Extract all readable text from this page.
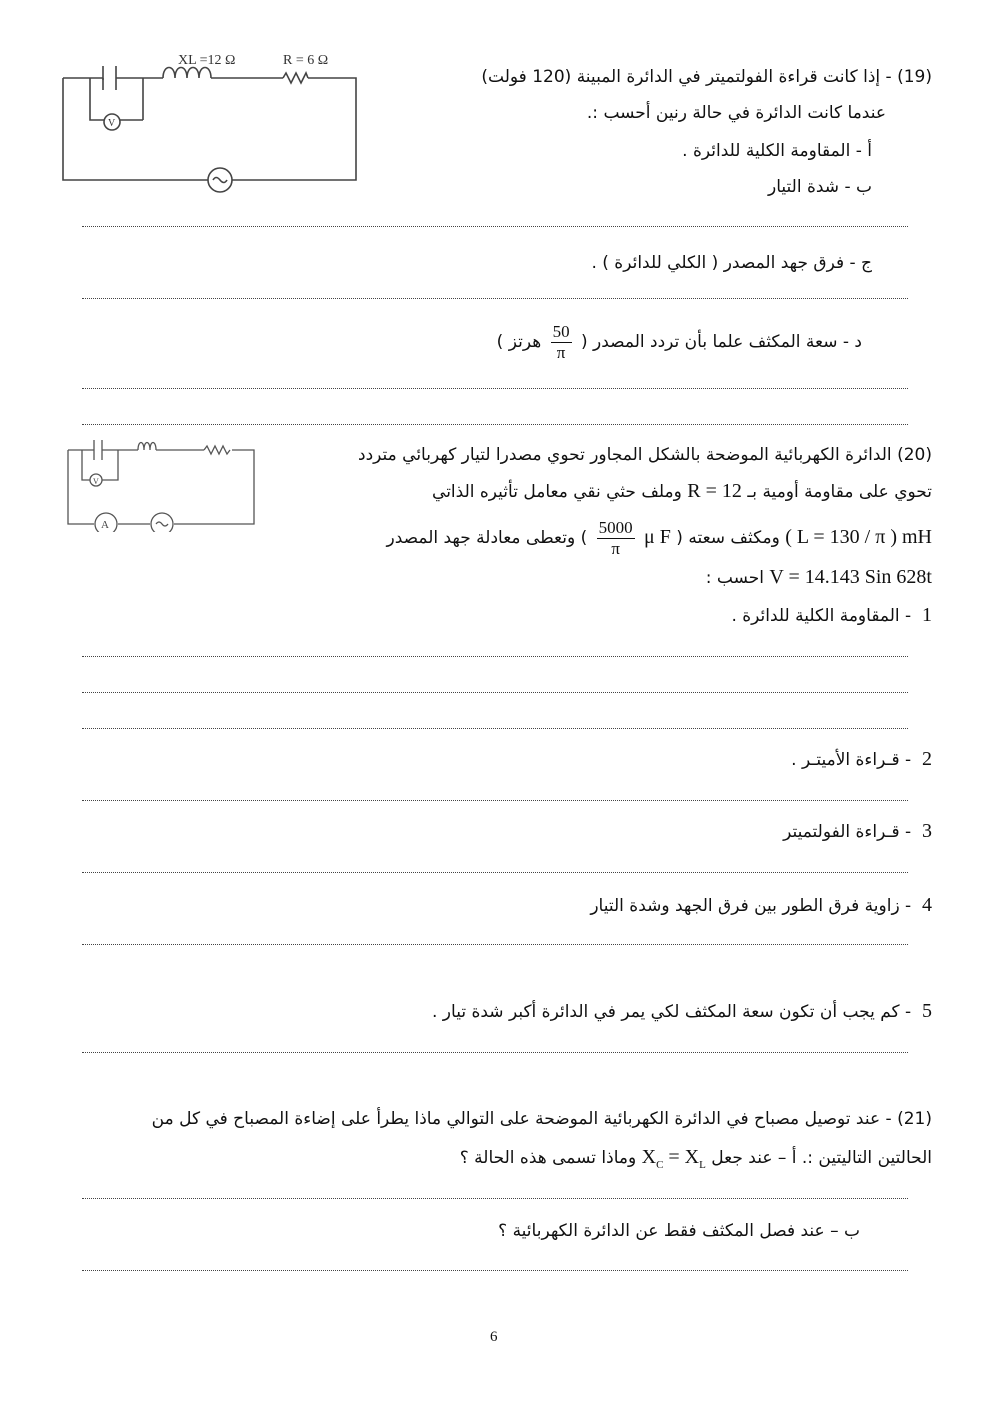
XL =12 Ω	R = 6 Ω
V
(19) - إذا كانت قراءة الفولتميتر في الدائرة المبينة (120 فولت)
عندما كانت الدائرة في حالة رنين أحسب :.
أ - المقاومة الكلية للدائرة .
ب - شدة التيار
ج - فرق جهد المصدر ( الكلي للدائرة ) .
د - سعة المكثف علما بأن تردد المصدر (
$\frac{50}{\pi}$
هرتز )
A
V
(20) الدائرة الكهربائية الموضحة بالشكل المجاور تحوي مصدرا لتيار كهربائي متردد
تحوي على مقاومة أومية بـ R = 12 وملف حثي نقي معامل تأثيره الذاتي
( L = 130 / π ) mH ومكثف سعته ( μ F
$\frac{5000}{\pi}$
) وتعطى معادلة جهد المصدر
V = 14.143 Sin 628t احسب :
1  - المقاومة الكلية للدائرة .
2  - قـراءة الأميتـر .
3  - قـراءة الفولتميتر
4  - زاوية فرق الطور بين فرق الجهد وشدة التيار
5  - كم يجب أن تكون سعة المكثف لكي يمر في الدائرة أكبر شدة تيار .
(21) - عند توصيل مصباح في الدائرة الكهربائية الموضحة على التوالي ماذا يطرأ على إضاءة المصباح في كل من
الحالتين التاليتين :. أ – عند جعل $X_C = X_L$ وماذا تسمى هذه الحالة ؟
ب – عند فصل المكثف فقط عن الدائرة الكهربائية ؟
6
